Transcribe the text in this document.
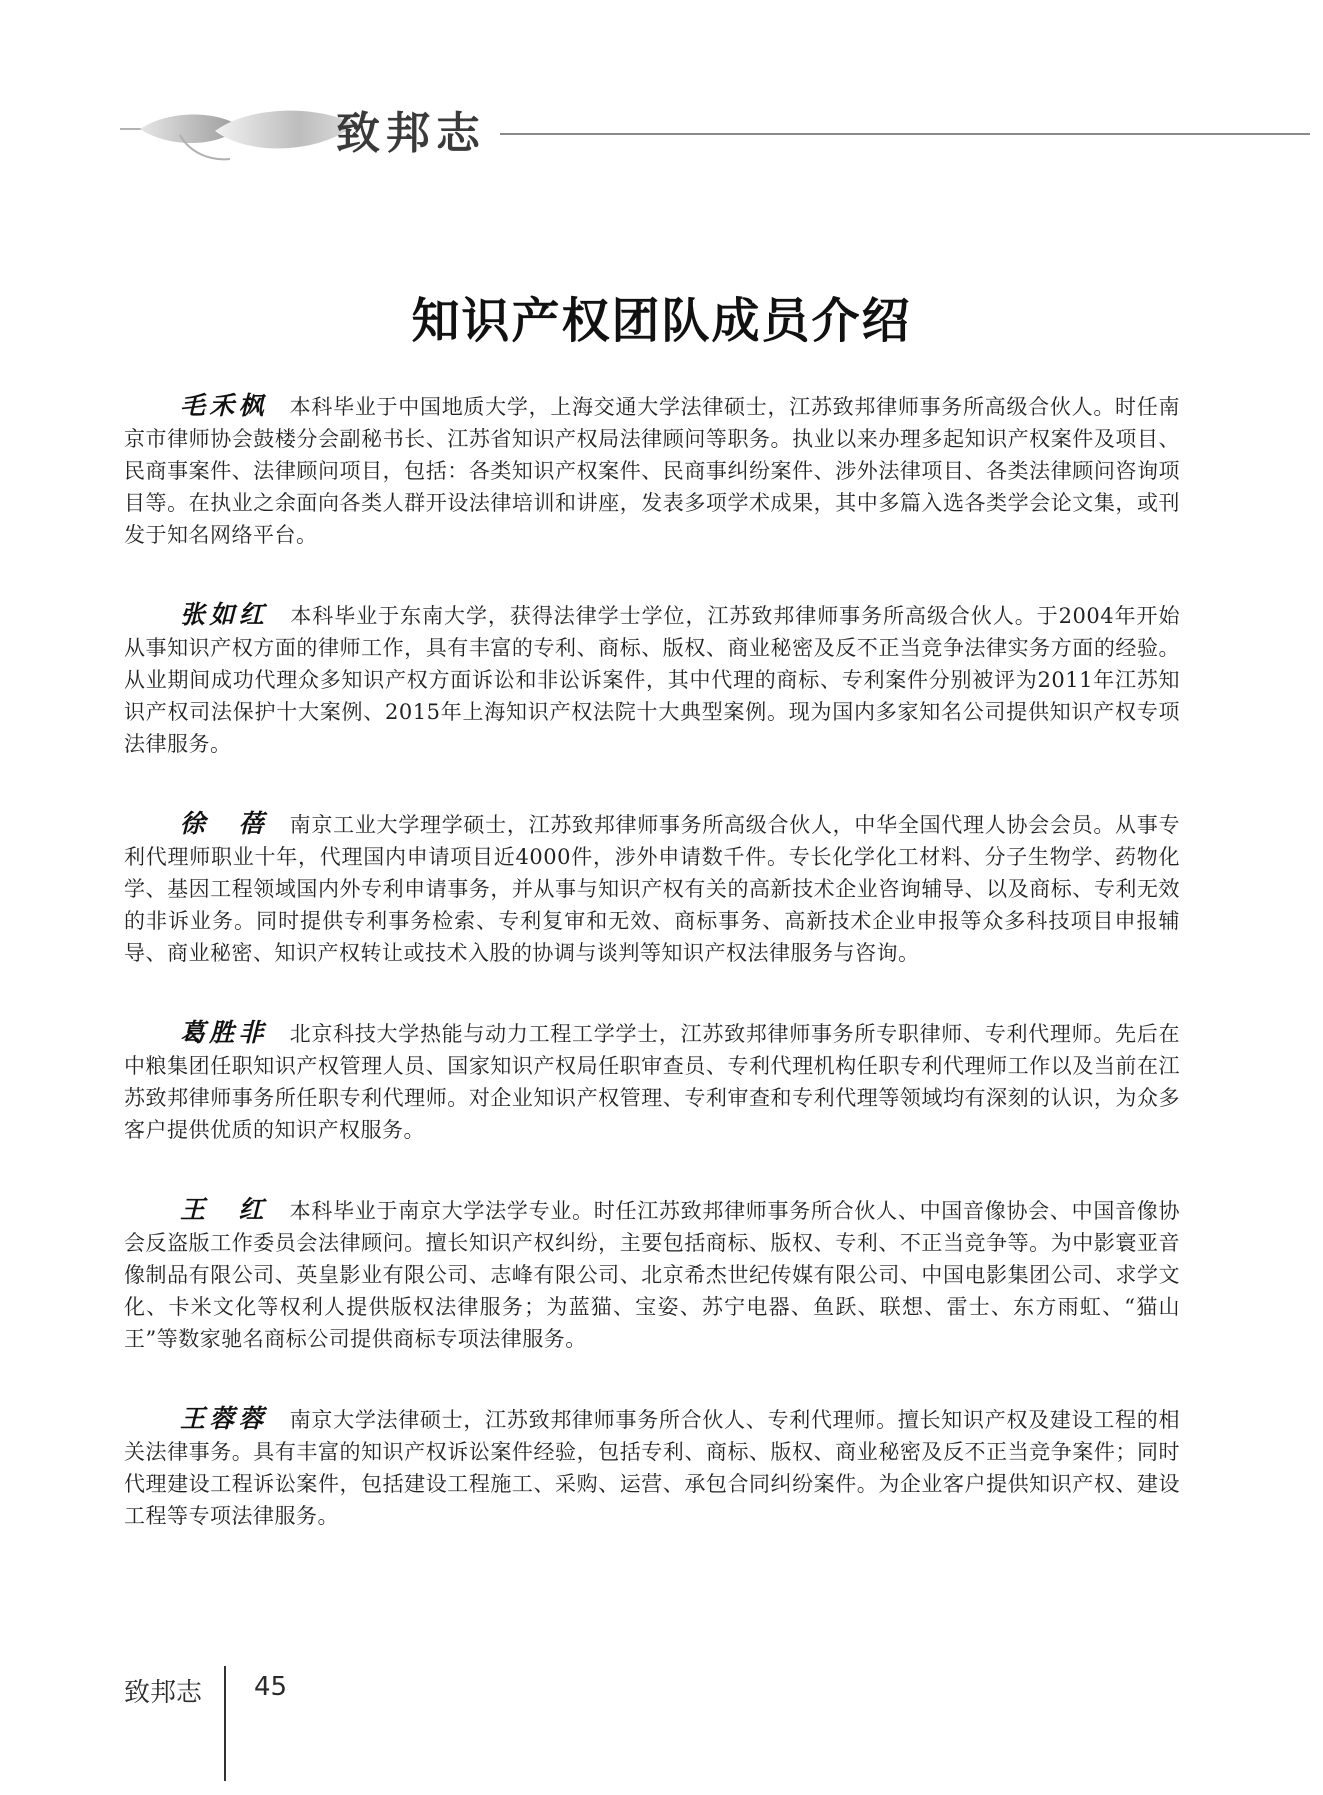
致邦志
知识产权团队成员介绍

毛禾枫 本科毕业于中国地质大学，上海交通大学法律硕士，江苏致邦律师事务所高级合伙人。时任南京市律师协会鼓楼分会副秘书长、江苏省知识产权局法律顾问等职务。执业以来办理多起知识产权案件及项目、民商事案件、法律顾问项目，包括：各类知识产权案件、民商事纠纷案件、涉外法律项目、各类法律顾问咨询项目等。在执业之余面向各类人群开设法律培训和讲座，发表多项学术成果，其中多篇入选各类学会论文集，或刊发于知名网络平台。

张如红 本科毕业于东南大学，获得法律学士学位，江苏致邦律师事务所高级合伙人。于2004年开始从事知识产权方面的律师工作，具有丰富的专利、商标、版权、商业秘密及反不正当竞争法律实务方面的经验。从业期间成功代理众多知识产权方面诉讼和非讼诉案件，其中代理的商标、专利案件分别被评为2011年江苏知识产权司法保护十大案例、2015年上海知识产权法院十大典型案例。现为国内多家知名公司提供知识产权专项法律服务。

徐　蓓 南京工业大学理学硕士，江苏致邦律师事务所高级合伙人，中华全国代理人协会会员。从事专利代理师职业十年，代理国内申请项目近4000件，涉外申请数千件。专长化学化工材料、分子生物学、药物化学、基因工程领域国内外专利申请事务，并从事与知识产权有关的高新技术企业咨询辅导、以及商标、专利无效的非诉业务。同时提供专利事务检索、专利复审和无效、商标事务、高新技术企业申报等众多科技项目申报辅导、商业秘密、知识产权转让或技术入股的协调与谈判等知识产权法律服务与咨询。

葛胜非 北京科技大学热能与动力工程工学学士，江苏致邦律师事务所专职律师、专利代理师。先后在中粮集团任职知识产权管理人员、国家知识产权局任职审查员、专利代理机构任职专利代理师工作以及当前在江苏致邦律师事务所任职专利代理师。对企业知识产权管理、专利审查和专利代理等领域均有深刻的认识，为众多客户提供优质的知识产权服务。

王　红 本科毕业于南京大学法学专业。时任江苏致邦律师事务所合伙人、中国音像协会、中国音像协会反盗版工作委员会法律顾问。擅长知识产权纠纷，主要包括商标、版权、专利、不正当竞争等。为中影寰亚音像制品有限公司、英皇影业有限公司、志峰有限公司、北京希杰世纪传媒有限公司、中国电影集团公司、求学文化、卡米文化等权利人提供版权法律服务；为蓝猫、宝姿、苏宁电器、鱼跃、联想、雷士、东方雨虹、“猫山王”等数家驰名商标公司提供商标专项法律服务。

王蓉蓉 南京大学法律硕士，江苏致邦律师事务所合伙人、专利代理师。擅长知识产权及建设工程的相关法律事务。具有丰富的知识产权诉讼案件经验，包括专利、商标、版权、商业秘密及反不正当竞争案件；同时代理建设工程诉讼案件，包括建设工程施工、采购、运营、承包合同纠纷案件。为企业客户提供知识产权、建设工程等专项法律服务。

致邦志 45
